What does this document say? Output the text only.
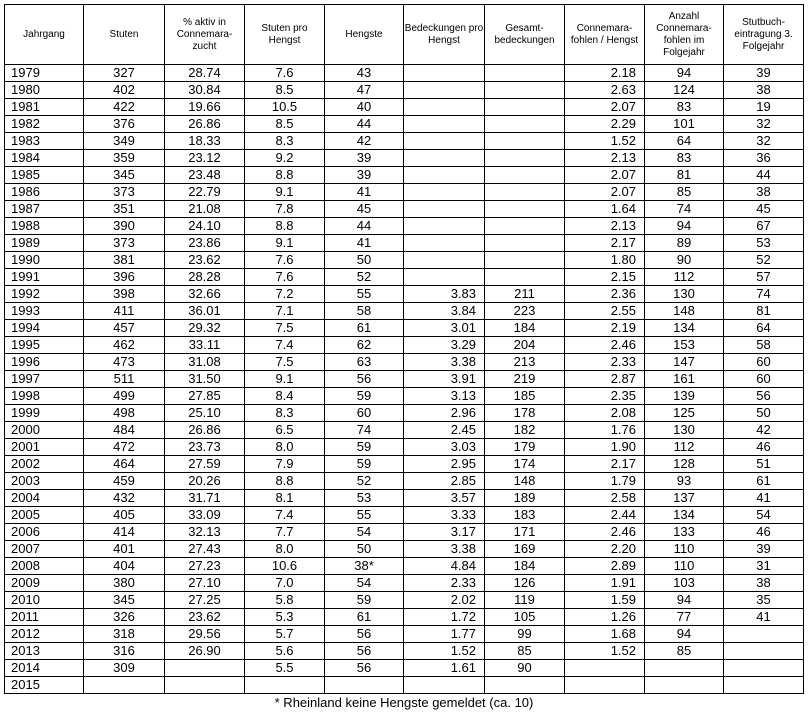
Jahrgang	Stuten	% aktiv in Connemara-zucht	Stuten pro Hengst	Hengste	Bedeckungen pro Hengst	Gesamt-bedeckungen	Connemara-fohlen / Hengst	Anzahl Connemara-fohlen im Folgejahr	Stutbuch-eintragung 3. Folgejahr
1979	327	28.74	7.6	43			2.18	94	39
1980	402	30.84	8.5	47			2.63	124	38
1981	422	19.66	10.5	40			2.07	83	19
1982	376	26.86	8.5	44			2.29	101	32
1983	349	18.33	8.3	42			1.52	64	32
1984	359	23.12	9.2	39			2.13	83	36
1985	345	23.48	8.8	39			2.07	81	44
1986	373	22.79	9.1	41			2.07	85	38
1987	351	21.08	7.8	45			1.64	74	45
1988	390	24.10	8.8	44			2.13	94	67
1989	373	23.86	9.1	41			2.17	89	53
1990	381	23.62	7.6	50			1.80	90	52
1991	396	28.28	7.6	52			2.15	112	57
1992	398	32.66	7.2	55	3.83	211	2.36	130	74
1993	411	36.01	7.1	58	3.84	223	2.55	148	81
1994	457	29.32	7.5	61	3.01	184	2.19	134	64
1995	462	33.11	7.4	62	3.29	204	2.46	153	58
1996	473	31.08	7.5	63	3.38	213	2.33	147	60
1997	511	31.50	9.1	56	3.91	219	2.87	161	60
1998	499	27.85	8.4	59	3.13	185	2.35	139	56
1999	498	25.10	8.3	60	2.96	178	2.08	125	50
2000	484	26.86	6.5	74	2.45	182	1.76	130	42
2001	472	23.73	8.0	59	3.03	179	1.90	112	46
2002	464	27.59	7.9	59	2.95	174	2.17	128	51
2003	459	20.26	8.8	52	2.85	148	1.79	93	61
2004	432	31.71	8.1	53	3.57	189	2.58	137	41
2005	405	33.09	7.4	55	3.33	183	2.44	134	54
2006	414	32.13	7.7	54	3.17	171	2.46	133	46
2007	401	27.43	8.0	50	3.38	169	2.20	110	39
2008	404	27.23	10.6	38*	4.84	184	2.89	110	31
2009	380	27.10	7.0	54	2.33	126	1.91	103	38
2010	345	27.25	5.8	59	2.02	119	1.59	94	35
2011	326	23.62	5.3	61	1.72	105	1.26	77	41
2012	318	29.56	5.7	56	1.77	99	1.68	94	
2013	316	26.90	5.6	56	1.52	85	1.52	85	
2014	309		5.5	56	1.61	90			
2015									
* Rheinland keine Hengste gemeldet (ca. 10)									
